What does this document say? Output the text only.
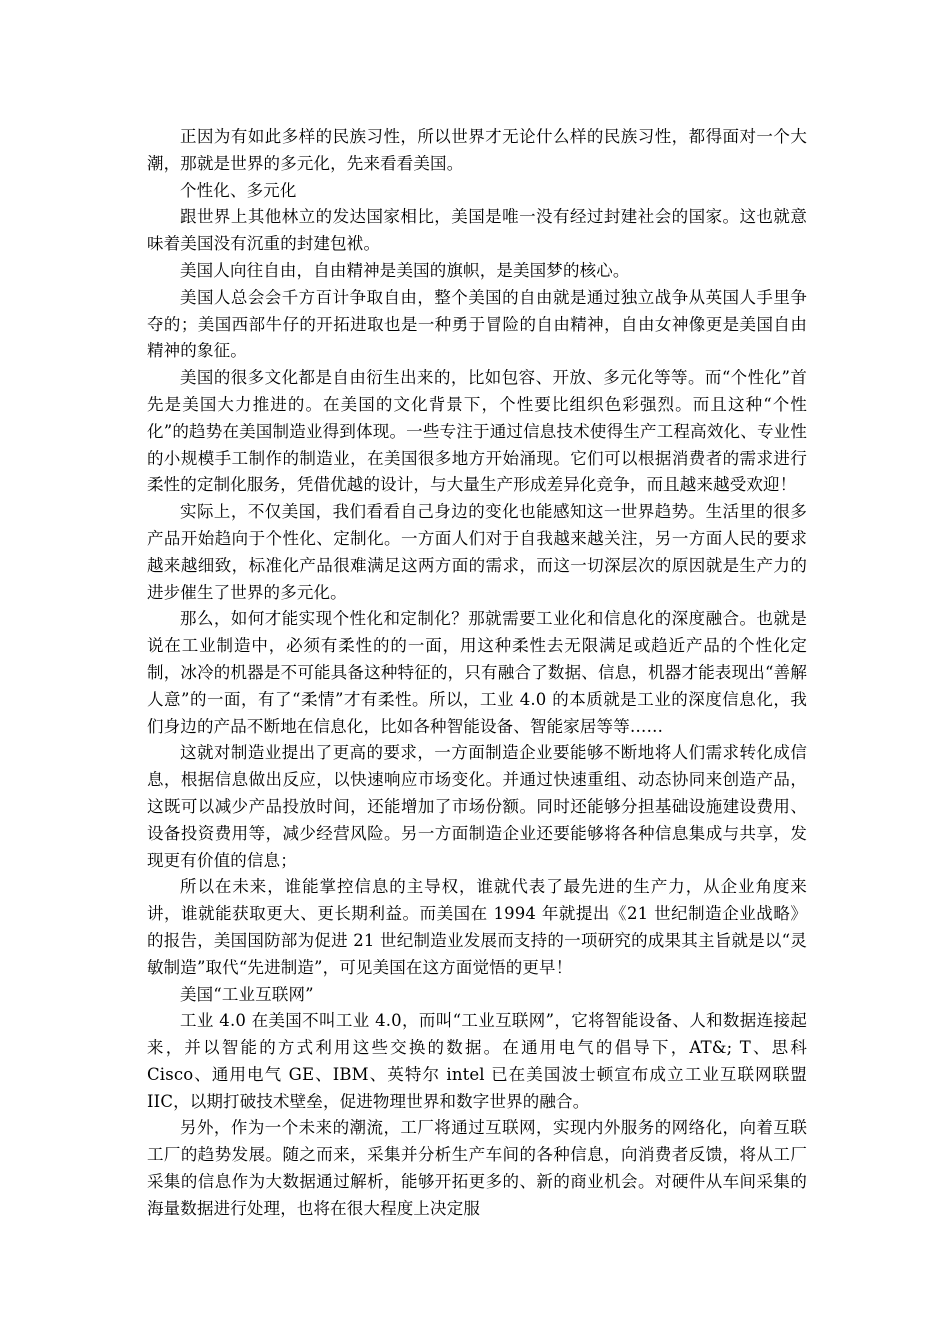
正因为有如此多样的民族习性，所以世界才无论什么样的民族习性，都得面对一个大潮，那就是世界的多元化，先来看看美国。

个性化、多元化

跟世界上其他林立的发达国家相比，美国是唯一没有经过封建社会的国家。这也就意味着美国没有沉重的封建包袱。

美国人向往自由，自由精神是美国的旗帜，是美国梦的核心。

美国人总会会千方百计争取自由，整个美国的自由就是通过独立战争从英国人手里争夺的；美国西部牛仔的开拓进取也是一种勇于冒险的自由精神，自由女神像更是美国自由精神的象征。

美国的很多文化都是自由衍生出来的，比如包容、开放、多元化等等。而“个性化”首先是美国大力推进的。在美国的文化背景下，个性要比组织色彩强烈。而且这种“个性化”的趋势在美国制造业得到体现。一些专注于通过信息技术使得生产工程高效化、专业性的小规模手工制作的制造业，在美国很多地方开始涌现。它们可以根据消费者的需求进行柔性的定制化服务，凭借优越的设计，与大量生产形成差异化竞争，而且越来越受欢迎！

实际上，不仅美国，我们看看自己身边的变化也能感知这一世界趋势。生活里的很多产品开始趋向于个性化、定制化。一方面人们对于自我越来越关注，另一方面人民的要求越来越细致，标准化产品很难满足这两方面的需求，而这一切深层次的原因就是生产力的进步催生了世界的多元化。

那么，如何才能实现个性化和定制化？那就需要工业化和信息化的深度融合。也就是说在工业制造中，必须有柔性的的一面，用这种柔性去无限满足或趋近产品的个性化定制，冰冷的机器是不可能具备这种特征的，只有融合了数据、信息，机器才能表现出“善解人意”的一面，有了“柔情”才有柔性。所以，工业 4.0 的本质就是工业的深度信息化，我们身边的产品不断地在信息化，比如各种智能设备、智能家居等等……

这就对制造业提出了更高的要求，一方面制造企业要能够不断地将人们需求转化成信息，根据信息做出反应，以快速响应市场变化。并通过快速重组、动态协同来创造产品，这既可以减少产品投放时间，还能增加了市场份额。同时还能够分担基础设施建设费用、设备投资费用等，减少经营风险。另一方面制造企业还要能够将各种信息集成与共享，发现更有价值的信息；

所以在未来，谁能掌控信息的主导权，谁就代表了最先进的生产力，从企业角度来讲，谁就能获取更大、更长期利益。而美国在 1994 年就提出《21 世纪制造企业战略》的报告，美国国防部为促进 21 世纪制造业发展而支持的一项研究的成果其主旨就是以“灵敏制造”取代“先进制造”，可见美国在这方面觉悟的更早！

美国“工业互联网”

工业 4.0 在美国不叫工业 4.0，而叫“工业互联网”，它将智能设备、人和数据连接起来，并以智能的方式利用这些交换的数据。在通用电气的倡导下，AT&; T、思科 Cisco、通用电气 GE、IBM、英特尔 intel 已在美国波士顿宣布成立工业互联网联盟 IIC，以期打破技术壁垒，促进物理世界和数字世界的融合。

另外，作为一个未来的潮流，工厂将通过互联网，实现内外服务的网络化，向着互联工厂的趋势发展。随之而来，采集并分析生产车间的各种信息，向消费者反馈，将从工厂采集的信息作为大数据通过解析，能够开拓更多的、新的商业机会。对硬件从车间采集的海量数据进行处理，也将在很大程度上决定服
